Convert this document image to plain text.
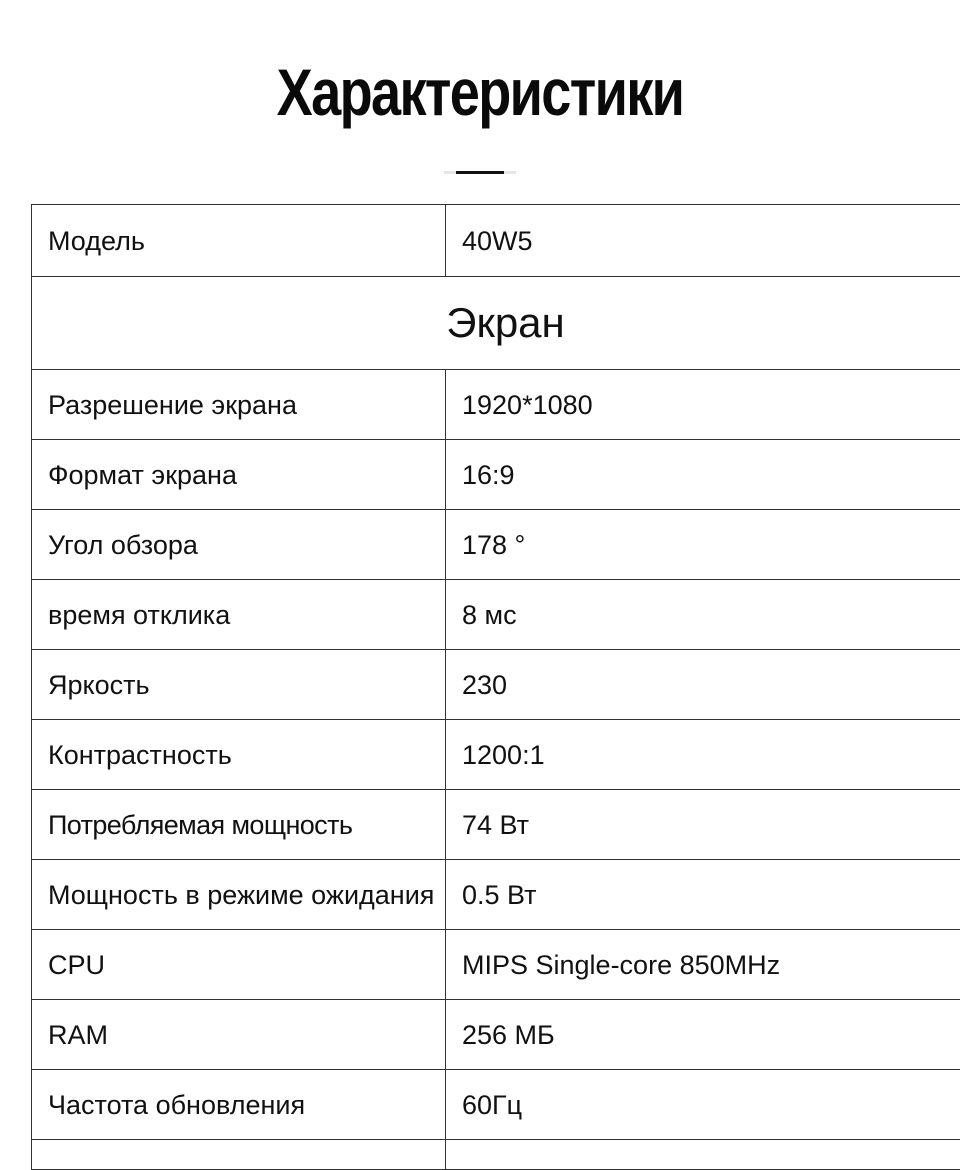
Характеристики
Модель	40W5
Экран	
Разрешение экрана	1920*1080
Формат экрана	16:9
Угол обзора	178 °
время отклика	8 мс
Яркость	230
Контрастность	1200:1
Потребляемая мощность	74 Вт
Мощность в режиме ожидания	0.5 Вт
CPU	MIPS Single-core 850MHz
RAM	256 МБ
Частота обновления	60Гц
